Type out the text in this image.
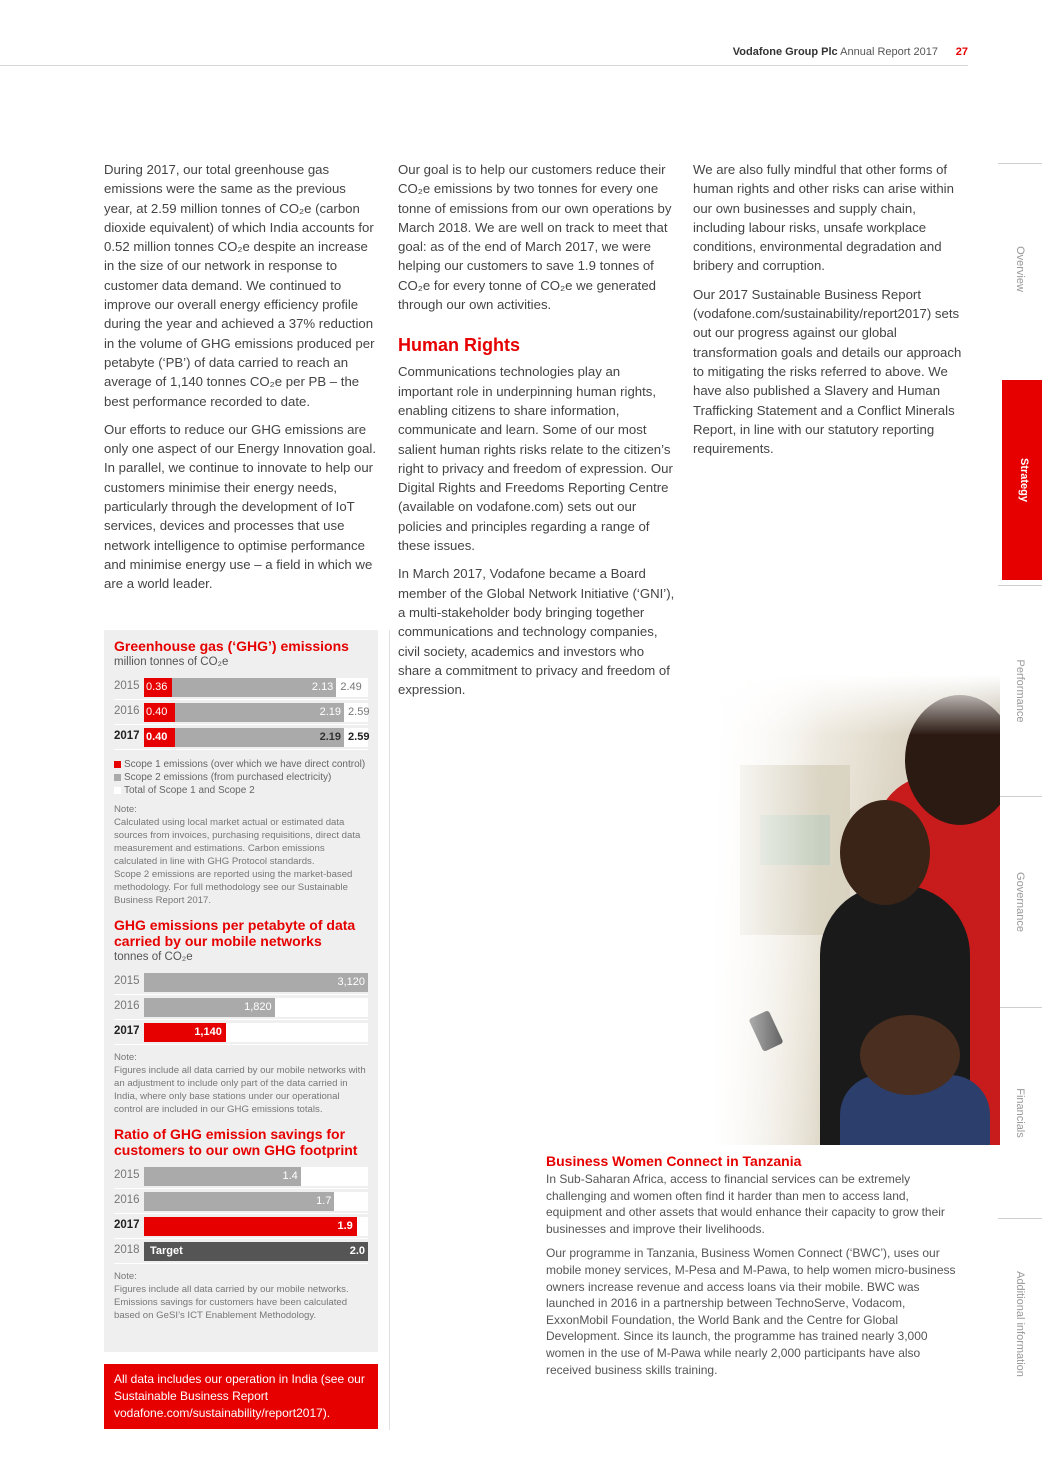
Vodafone Group Plc Annual Report 2017 27

During 2017, our total greenhouse gas emissions were the same as the previous year, at 2.59 million tonnes of CO₂e (carbon dioxide equivalent) of which India accounts for 0.52 million tonnes CO₂e despite an increase in the size of our network in response to customer data demand. We continued to improve our overall energy efficiency profile during the year and achieved a 37% reduction in the volume of GHG emissions produced per petabyte (‘PB’) of data carried to reach an average of 1,140 tonnes CO₂e per PB – the best performance recorded to date.

Our efforts to reduce our GHG emissions are only one aspect of our Energy Innovation goal. In parallel, we continue to innovate to help our customers minimise their energy needs, particularly through the development of IoT services, devices and processes that use network intelligence to optimise performance and minimise energy use – a field in which we are a world leader.

Our goal is to help our customers reduce their CO₂e emissions by two tonnes for every one tonne of emissions from our own operations by March 2018. We are well on track to meet that goal: as of the end of March 2017, we were helping our customers to save 1.9 tonnes of CO₂e for every tonne of CO₂e we generated through our own activities.

Human Rights

Communications technologies play an important role in underpinning human rights, enabling citizens to share information, communicate and learn. Some of our most salient human rights risks relate to the citizen’s right to privacy and freedom of expression. Our Digital Rights and Freedoms Reporting Centre (available on vodafone.com) sets out our policies and principles regarding a range of these issues.

In March 2017, Vodafone became a Board member of the Global Network Initiative (‘GNI’), a multi-stakeholder body bringing together communications and technology companies, civil society, academics and investors who share a commitment to privacy and freedom of expression.

We are also fully mindful that other forms of human rights and other risks can arise within our own businesses and supply chain, including labour risks, unsafe workplace conditions, environmental degradation and bribery and corruption.

Our 2017 Sustainable Business Report (vodafone.com/sustainability/report2017) sets out our progress against our global transformation goals and details our approach to mitigating the risks referred to above. We have also published a Slavery and Human Trafficking Statement and a Conflict Minerals Report, in line with our statutory reporting requirements.

Overview
Strategy
Performance
Governance
Financials
Additional information
Greenhouse gas (‘GHG’) emissions
million tonnes of CO₂e
2015 0.36	2.13 2.49
2016 0.40	2.19 2.59
2017 0.40	2.19 2.59
Scope 1 emissions (over which we have direct control)
Scope 2 emissions (from purchased electricity)
Total of Scope 1 and Scope 2
Note:
Calculated using local market actual or estimated data sources from invoices, purchasing requisitions, direct data measurement and estimations. Carbon emissions calculated in line with GHG Protocol standards.
Scope 2 emissions are reported using the market-based methodology. For full methodology see our Sustainable Business Report 2017.
GHG emissions per petabyte of data carried by our mobile networks
tonnes of CO₂e
2015	3,120
2016	1,820
2017	1,140
Note:
Figures include all data carried by our mobile networks with an adjustment to include only part of the data carried in India, where only base stations under our operational control are included in our GHG emissions totals.
Ratio of GHG emission savings for customers to our own GHG footprint
2015	1.4
2016	1.7
2017	1.9
2018 Target	2.0
Note:
Figures include all data carried by our mobile networks. Emissions savings for customers have been calculated based on GeSI’s ICT Enablement Methodology.
All data includes our operation in India (see our Sustainable Business Report vodafone.com/sustainability/report2017).
Business Women Connect in Tanzania

In Sub-Saharan Africa, access to financial services can be extremely challenging and women often find it harder than men to access land, equipment and other assets that would enhance their capacity to grow their businesses and improve their livelihoods.

Our programme in Tanzania, Business Women Connect (‘BWC’), uses our mobile money services, M-Pesa and M-Pawa, to help women micro-business owners increase revenue and access loans via their mobile. BWC was launched in 2016 in a partnership between TechnoServe, Vodacom, ExxonMobil Foundation, the World Bank and the Centre for Global Development. Since its launch, the programme has trained nearly 3,000 women in the use of M-Pawa while nearly 2,000 participants have also received business skills training.
